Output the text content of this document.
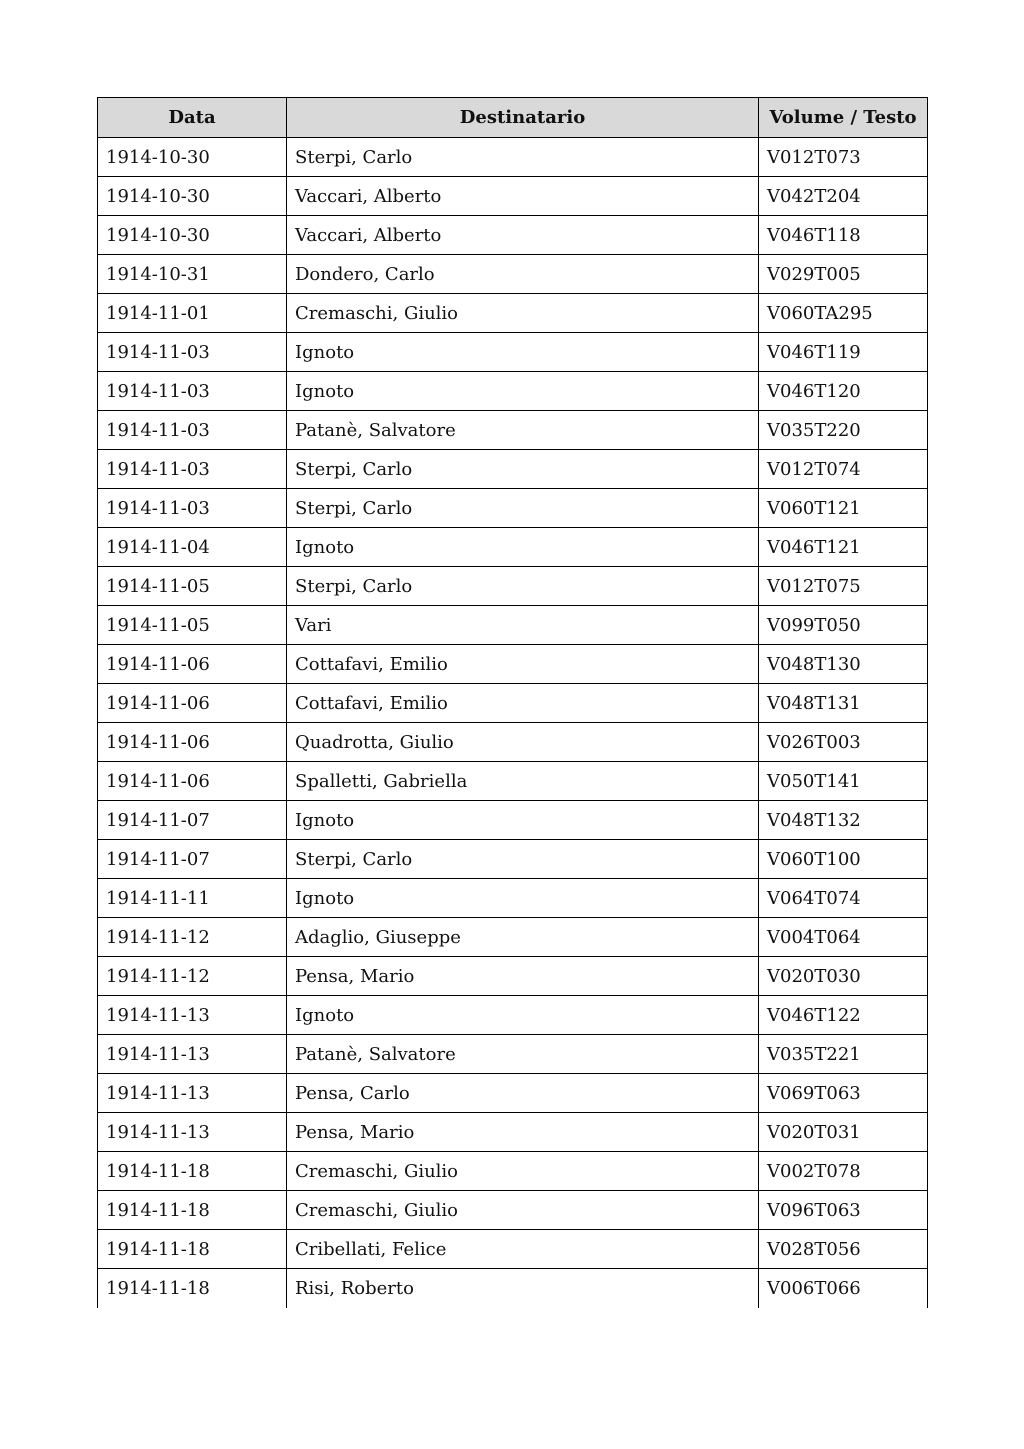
Data	Destinatario	Volume / Testo
1914-10-30	Sterpi, Carlo	V012T073
1914-10-30	Vaccari, Alberto	V042T204
1914-10-30	Vaccari, Alberto	V046T118
1914-10-31	Dondero, Carlo	V029T005
1914-11-01	Cremaschi, Giulio	V060TA295
1914-11-03	Ignoto	V046T119
1914-11-03	Ignoto	V046T120
1914-11-03	Patanè, Salvatore	V035T220
1914-11-03	Sterpi, Carlo	V012T074
1914-11-03	Sterpi, Carlo	V060T121
1914-11-04	Ignoto	V046T121
1914-11-05	Sterpi, Carlo	V012T075
1914-11-05	Vari	V099T050
1914-11-06	Cottafavi, Emilio	V048T130
1914-11-06	Cottafavi, Emilio	V048T131
1914-11-06	Quadrotta, Giulio	V026T003
1914-11-06	Spalletti, Gabriella	V050T141
1914-11-07	Ignoto	V048T132
1914-11-07	Sterpi, Carlo	V060T100
1914-11-11	Ignoto	V064T074
1914-11-12	Adaglio, Giuseppe	V004T064
1914-11-12	Pensa, Mario	V020T030
1914-11-13	Ignoto	V046T122
1914-11-13	Patanè, Salvatore	V035T221
1914-11-13	Pensa, Carlo	V069T063
1914-11-13	Pensa, Mario	V020T031
1914-11-18	Cremaschi, Giulio	V002T078
1914-11-18	Cremaschi, Giulio	V096T063
1914-11-18	Cribellati, Felice	V028T056
1914-11-18	Risi, Roberto	V006T066
